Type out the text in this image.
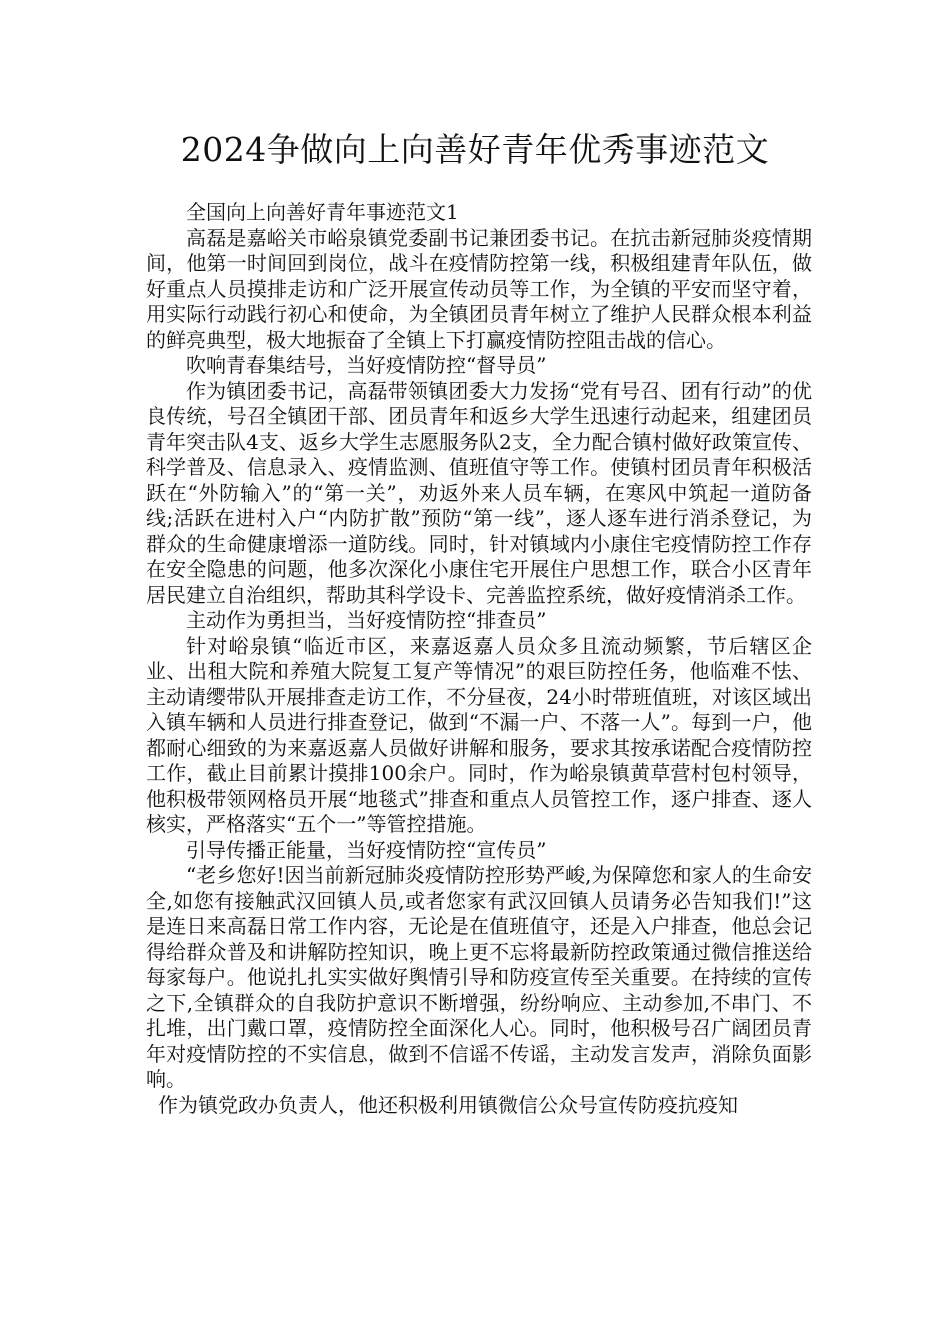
2024争做向上向善好青年优秀事迹范文

全国向上向善好青年事迹范文1

高磊是嘉峪关市峪泉镇党委副书记兼团委书记。在抗击新冠肺炎疫情期间，他第一时间回到岗位，战斗在疫情防控第一线，积极组建青年队伍，做好重点人员摸排走访和广泛开展宣传动员等工作，为全镇的平安而坚守着，用实际行动践行初心和使命，为全镇团员青年树立了维护人民群众根本利益的鲜亮典型，极大地振奋了全镇上下打赢疫情防控阻击战的信心。

吹响青春集结号，当好疫情防控“督导员”

作为镇团委书记，高磊带领镇团委大力发扬“党有号召、团有行动”的优良传统，号召全镇团干部、团员青年和返乡大学生迅速行动起来，组建团员青年突击队4支、返乡大学生志愿服务队2支，全力配合镇村做好政策宣传、科学普及、信息录入、疫情监测、值班值守等工作。使镇村团员青年积极活跃在“外防输入”的“第一关”，劝返外来人员车辆，在寒风中筑起一道防备线;活跃在进村入户“内防扩散”预防“第一线”，逐人逐车进行消杀登记，为群众的生命健康增添一道防线。同时，针对镇域内小康住宅疫情防控工作存在安全隐患的问题，他多次深化小康住宅开展住户思想工作，联合小区青年居民建立自治组织，帮助其科学设卡、完善监控系统，做好疫情消杀工作。

主动作为勇担当，当好疫情防控“排查员”

针对峪泉镇“临近市区，来嘉返嘉人员众多且流动频繁，节后辖区企业、出租大院和养殖大院复工复产等情况”的艰巨防控任务，他临难不怯、主动请缨带队开展排查走访工作，不分昼夜，24小时带班值班，对该区域出入镇车辆和人员进行排查登记，做到“不漏一户、不落一人”。每到一户，他都耐心细致的为来嘉返嘉人员做好讲解和服务，要求其按承诺配合疫情防控工作，截止目前累计摸排100余户。同时，作为峪泉镇黄草营村包村领导，他积极带领网格员开展“地毯式”排查和重点人员管控工作，逐户排查、逐人核实，严格落实“五个一”等管控措施。

引导传播正能量，当好疫情防控“宣传员”

“老乡您好!因当前新冠肺炎疫情防控形势严峻,为保障您和家人的生命安全,如您有接触武汉回镇人员,或者您家有武汉回镇人员请务必告知我们!”这是连日来高磊日常工作内容，无论是在值班值守，还是入户排查，他总会记得给群众普及和讲解防控知识，晚上更不忘将最新防控政策通过微信推送给每家每户。他说扎扎实实做好舆情引导和防疫宣传至关重要。在持续的宣传之下,全镇群众的自我防护意识不断增强，纷纷响应、主动参加,不串门、不扎堆，出门戴口罩，疫情防控全面深化人心。同时，他积极号召广阔团员青年对疫情防控的不实信息，做到不信谣不传谣，主动发言发声，消除负面影响。

作为镇党政办负责人，他还积极利用镇微信公众号宣传防疫抗疫知
